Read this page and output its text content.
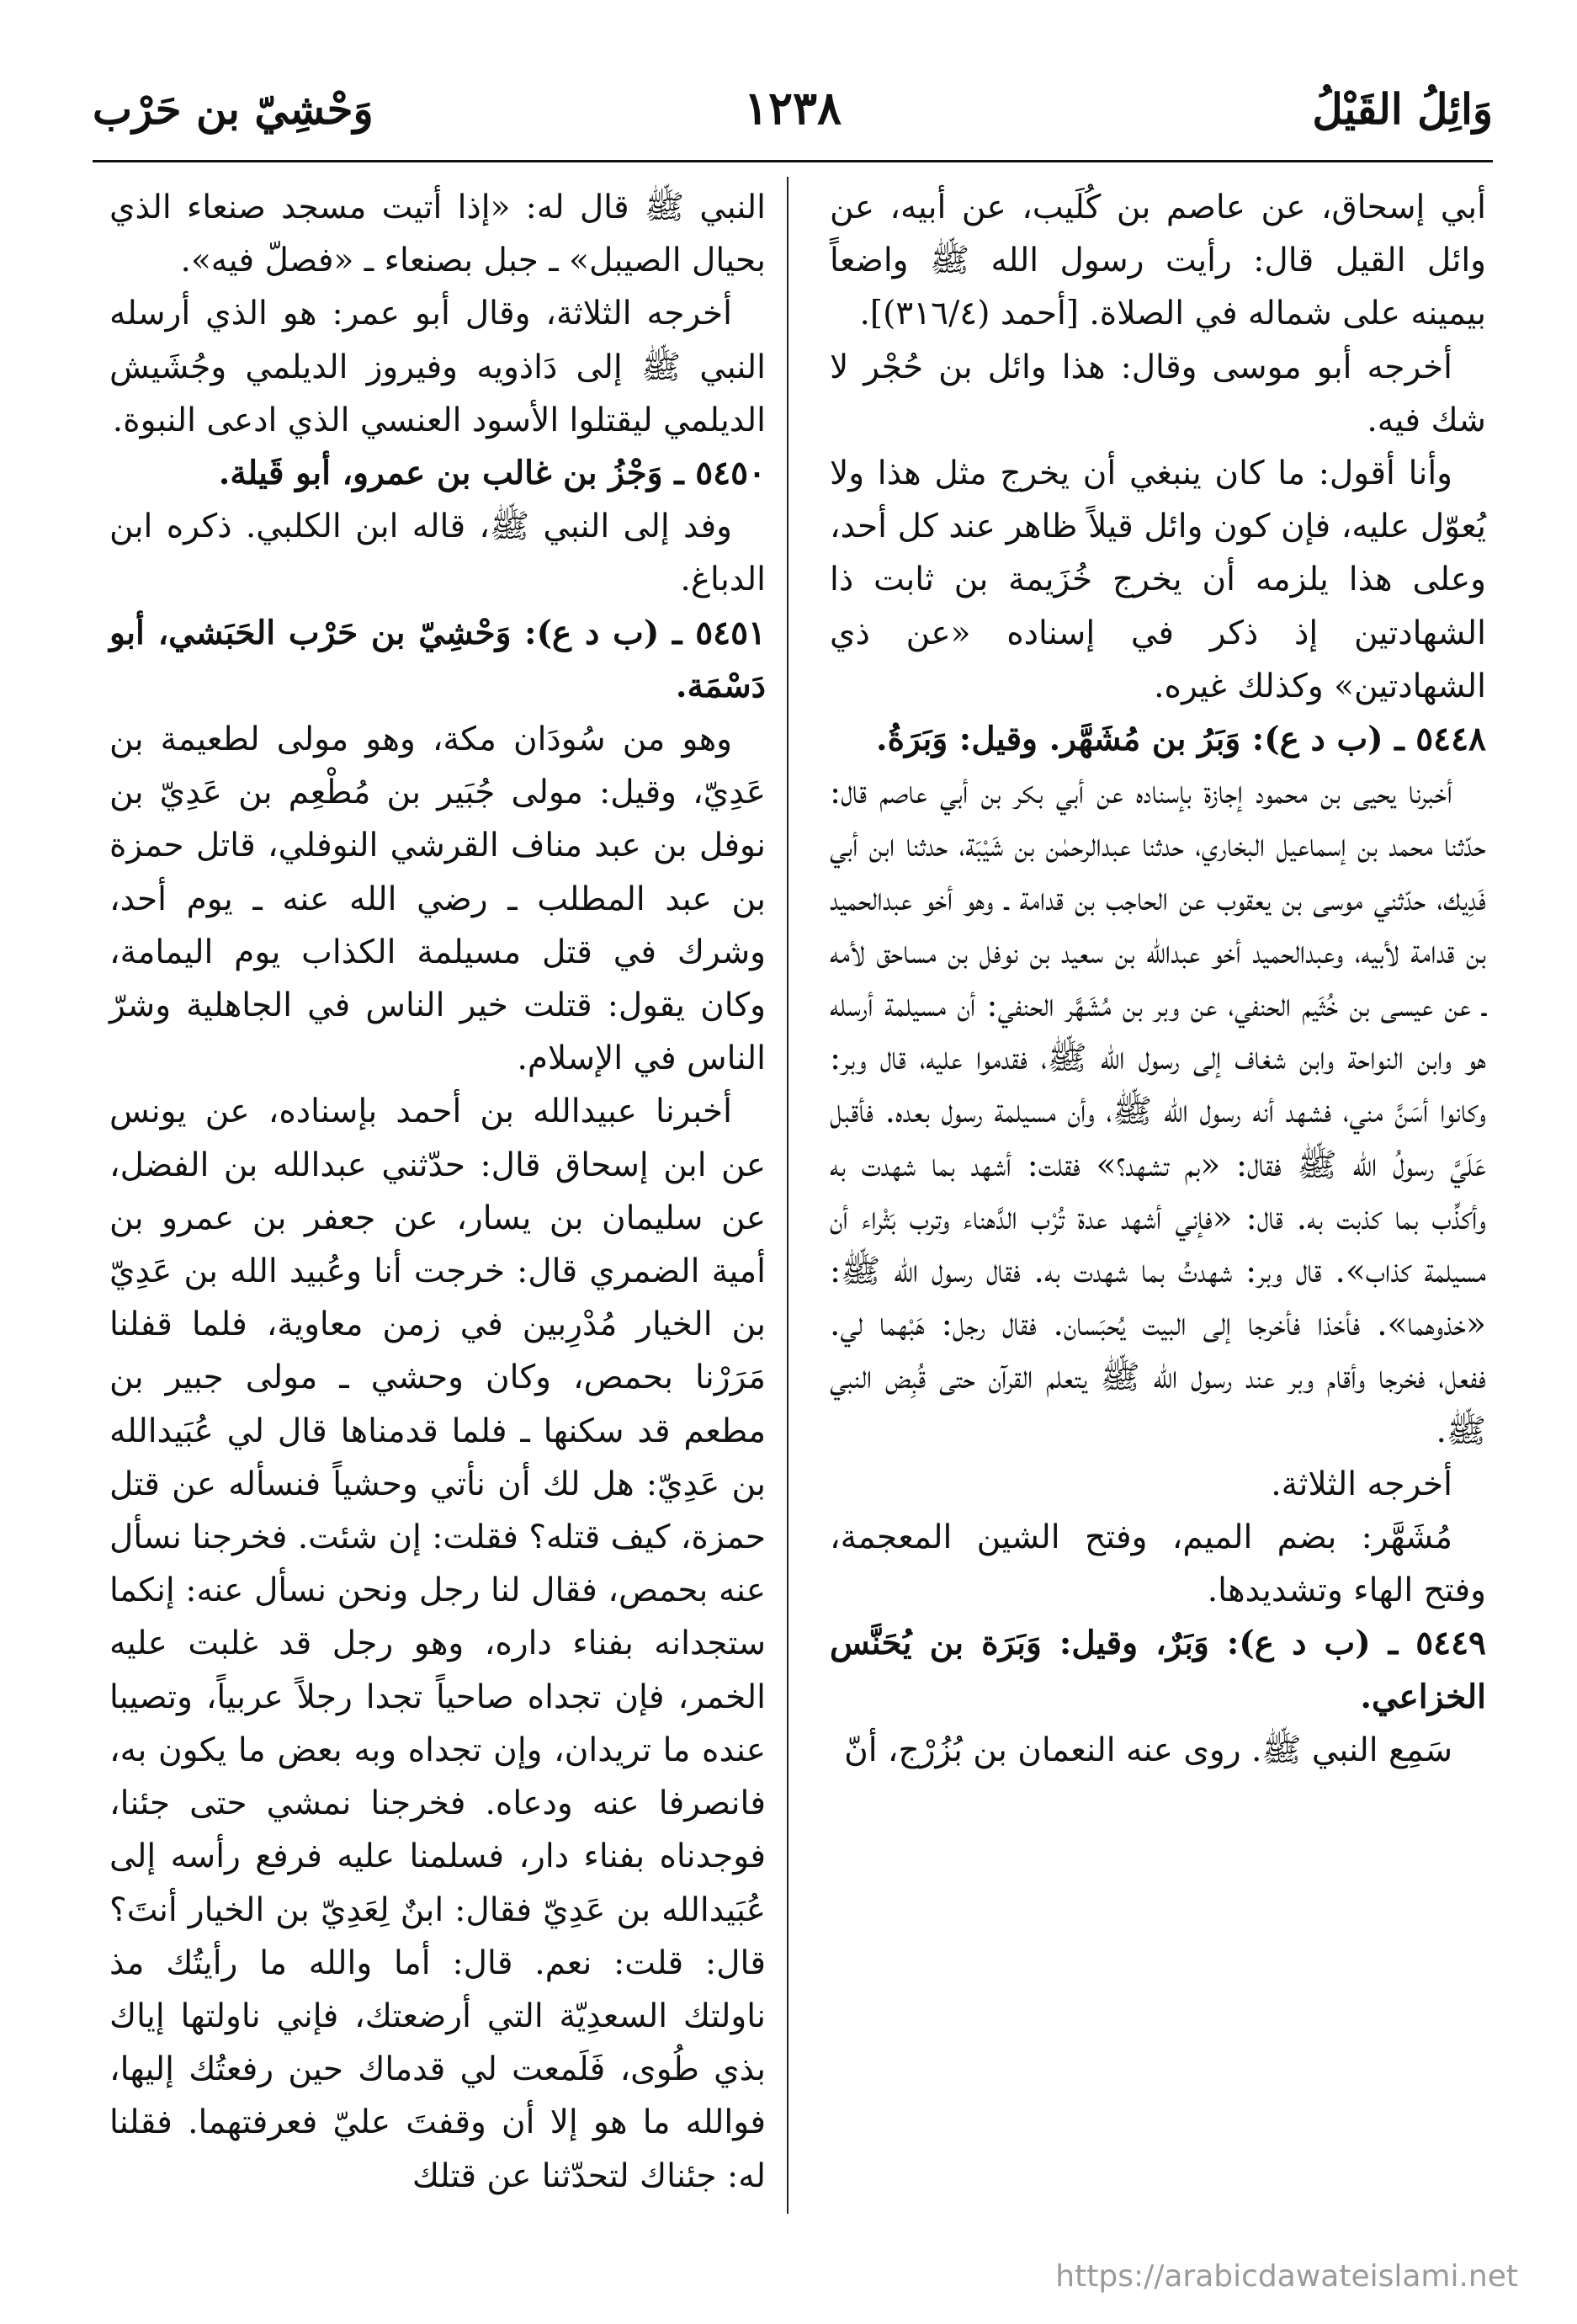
وَائِلُ القَيْلُ
١٢٣٨
وَحْشِيّ بن حَرْب

أبي إسحاق، عن عاصم بن كُلَيب، عن أبيه، عن وائل القيل قال: رأيت رسول الله ﷺ واضعاً بيمينه على شماله في الصلاة. [أحمد (٣١٦/٤)].

أخرجه أبو موسى وقال: هذا وائل بن حُجْر لا شك فيه.

وأنا أقول: ما كان ينبغي أن يخرج مثل هذا ولا يُعوّل عليه، فإن كون وائل قيلاً ظاهر عند كل أحد، وعلى هذا يلزمه أن يخرج خُزَيمة بن ثابت ذا الشهادتين إذ ذكر في إسناده «عن ذي الشهادتين» وكذلك غيره.

٥٤٤٨ ـ (ب د ع): وَبَرُ بن مُشَهَّر. وقيل: وَبَرَةُ.

أخبرنا يحيى بن محمود إجازة بإسناده عن أبي بكر بن أبي عاصم قال: حدّثنا محمد بن إسماعيل البخاري، حدثنا عبدالرحمٰن بن شَيْبَة، حدثنا ابن أبي فَدِيك، حدّثني موسى بن يعقوب عن الحاجب بن قدامة ـ وهو أخو عبدالحميد بن قدامة لأبيه، وعبدالحميد أخو عبدالله بن سعيد بن نوفل بن مساحق لأمه ـ عن عيسى بن خُثَيم الحنفي، عن وبر بن مُشَهَّر الحنفي: أن مسيلمة أرسله هو وابن النواحة وابن شغاف إلى رسول الله ﷺ، فقدموا عليه، قال وبر: وكانوا أسَنَّ مني، فشهد أنه رسول الله ﷺ، وأن مسيلمة رسول بعده. فأقبل عَلَيَّ رسولُ الله ﷺ فقال: «بم تشهد؟» فقلت: أشهد بما شهدت به وأكذِّب بما كذبت به. قال: «فإني أشهد عدة تُرْب الدَّهناء وترب بَثْراء أن مسيلمة كذاب». قال وبر: شهدتُ بما شهدت به. فقال رسول الله ﷺ: «خذوهما». فأخذا فأخرجا إلى البيت يُحبَسان. فقال رجل: هَبْهما لي. ففعل، فخرجا وأقام وبر عند رسول الله ﷺ يتعلم القرآن حتى قُبِض النبي ﷺ.

أخرجه الثلاثة.

مُشَهَّر: بضم الميم، وفتح الشين المعجمة، وفتح الهاء وتشديدها.

٥٤٤٩ ـ (ب د ع): وَبَرٌ، وقيل: وَبَرَة بن يُحَنَّس الخزاعي.

سَمِع النبي ﷺ. روى عنه النعمان بن بُزُرْج، أنّ

النبي ﷺ قال له: «إذا أتيت مسجد صنعاء الذي بحيال الصيبل» ـ جبل بصنعاء ـ «فصلّ فيه».

أخرجه الثلاثة، وقال أبو عمر: هو الذي أرسله النبي ﷺ إلى دَاذويه وفيروز الديلمي وجُشَيش الديلمي ليقتلوا الأسود العنسي الذي ادعى النبوة.

٥٤٥٠ ـ وَجْزُ بن غالب بن عمرو، أبو قَيلة.

وفد إلى النبي ﷺ، قاله ابن الكلبي. ذكره ابن الدباغ.

٥٤٥١ ـ (ب د ع): وَحْشِيّ بن حَرْب الحَبَشي، أبو دَسْمَة.

وهو من سُودَان مكة، وهو مولى لطعيمة بن عَدِيّ، وقيل: مولى جُبَير بن مُطْعِم بن عَدِيّ بن نوفل بن عبد مناف القرشي النوفلي، قاتل حمزة بن عبد المطلب ـ رضي الله عنه ـ يوم أحد، وشرك في قتل مسيلمة الكذاب يوم اليمامة، وكان يقول: قتلت خير الناس في الجاهلية وشرّ الناس في الإسلام.

أخبرنا عبيدالله بن أحمد بإسناده، عن يونس عن ابن إسحاق قال: حدّثني عبدالله بن الفضل، عن سليمان بن يسار، عن جعفر بن عمرو بن أمية الضمري قال: خرجت أنا وعُبيد الله بن عَدِيّ بن الخيار مُدْرِبين في زمن معاوية، فلما قفلنا مَرَرْنا بحمص، وكان وحشي ـ مولى جبير بن مطعم قد سكنها ـ فلما قدمناها قال لي عُبَيدالله بن عَدِيّ: هل لك أن نأتي وحشياً فنسأله عن قتل حمزة، كيف قتله؟ فقلت: إن شئت. فخرجنا نسأل عنه بحمص، فقال لنا رجل ونحن نسأل عنه: إنكما ستجدانه بفناء داره، وهو رجل قد غلبت عليه الخمر، فإن تجداه صاحياً تجدا رجلاً عربياً، وتصيبا عنده ما تريدان، وإن تجداه وبه بعض ما يكون به، فانصرفا عنه ودعاه. فخرجنا نمشي حتى جئنا، فوجدناه بفناء دار، فسلمنا عليه فرفع رأسه إلى عُبَيدالله بن عَدِيّ فقال: ابنٌ لِعَدِيّ بن الخيار أنتَ؟ قال: قلت: نعم. قال: أما والله ما رأيتُك مذ ناولتك السعدِيّة التي أرضعتك، فإني ناولتها إياك بذي طُوى، فَلَمعت لي قدماك حين رفعتُك إليها، فوالله ما هو إلا أن وقفتَ عليّ فعرفتهما. فقلنا له: جئناك لتحدّثنا عن قتلك

https://arabicdawateislami.net
